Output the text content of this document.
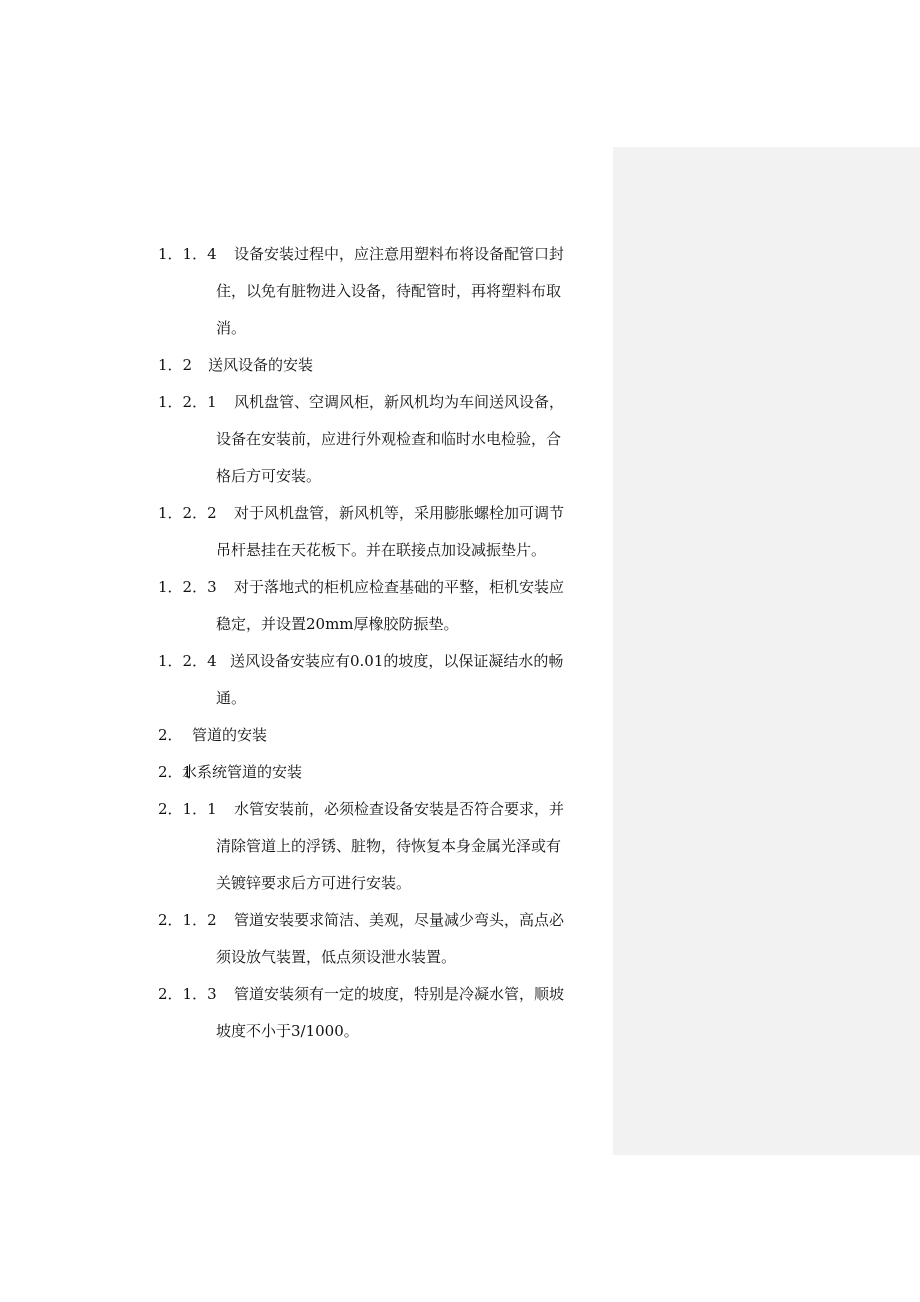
1．1．4	设备安装过程中，应注意用塑料布将设备配管口封
住，以免有脏物进入设备，待配管时，再将塑料布取
消。
1．2	送风设备的安装
1．2．1	风机盘管、空调风柜，新风机均为车间送风设备，
设备在安装前，应进行外观检查和临时水电检验，合
格后方可安装。
1．2．2	对于风机盘管，新风机等，采用膨胀螺栓加可调节
吊杆悬挂在天花板下。并在联接点加设减振垫片。
1．2．3	对于落地式的柜机应检查基础的平整，柜机安装应
稳定，并设置20mm厚橡胶防振垫。
1．2．4 送风设备安装应有0.01的坡度，以保证凝结水的畅
通。
2． 管道的安装
2．1
水系统管道的安装
2．1．1	水管安装前，必须检查设备安装是否符合要求，并
清除管道上的浮锈、脏物，待恢复本身金属光泽或有
关镀锌要求后方可进行安装。
2．1．2	管道安装要求简洁、美观，尽量减少弯头，高点必
须设放气装置，低点须设泄水装置。
2．1．3	管道安装须有一定的坡度，特别是冷凝水管，顺坡
坡度不小于3/1000。
